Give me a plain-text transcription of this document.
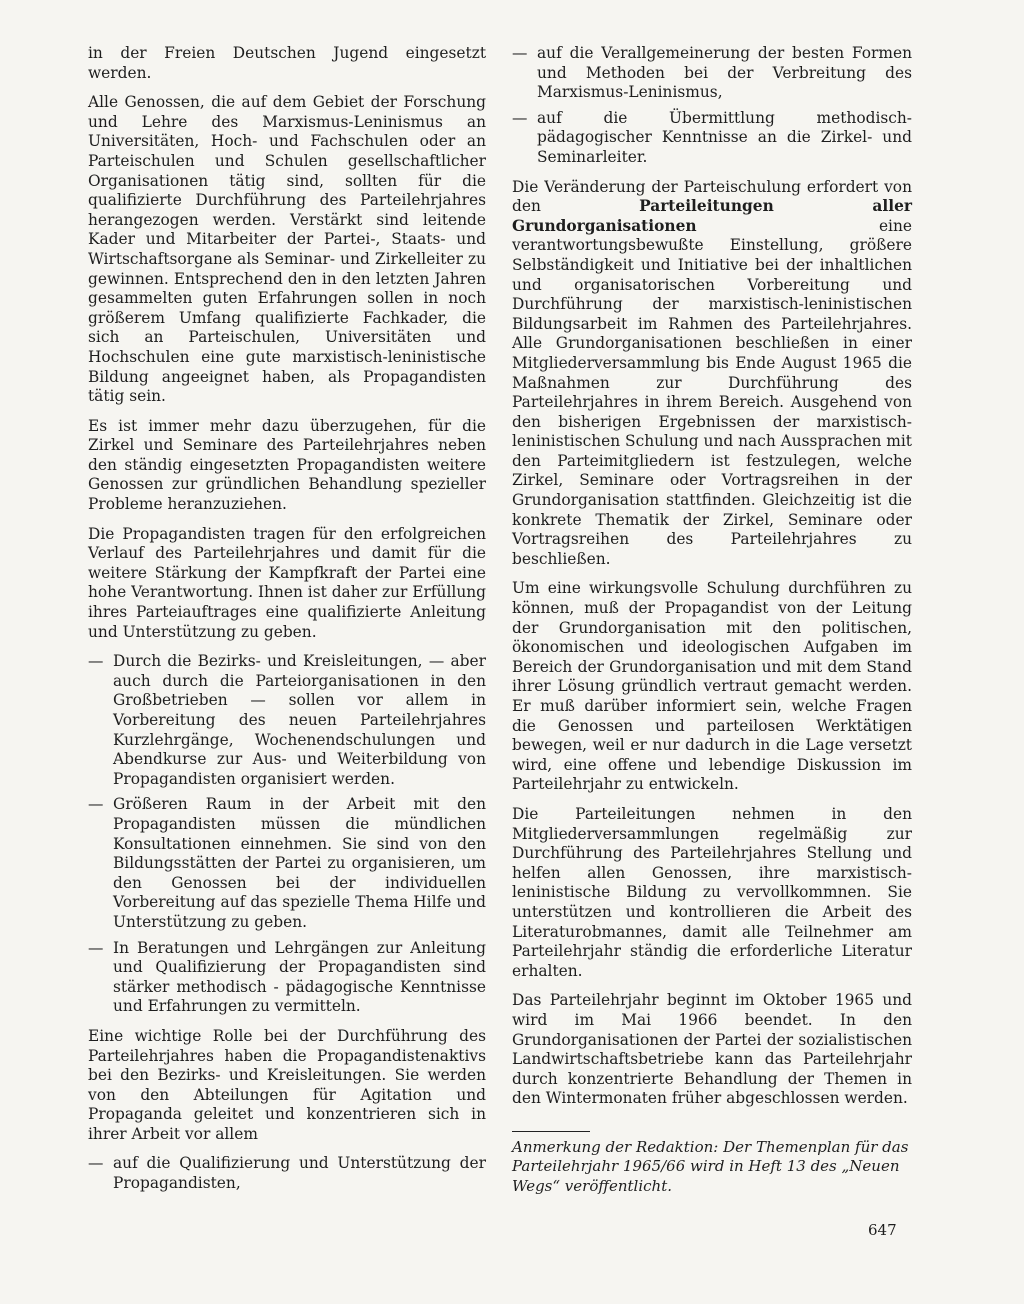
in der Freien Deutschen Jugend eingesetzt werden.

Alle Genossen, die auf dem Gebiet der Forschung und Lehre des Marxismus-Leninismus an Universitäten, Hoch- und Fachschulen oder an Parteischulen und Schulen gesellschaftlicher Organisationen tätig sind, sollten für die qualifizierte Durchführung des Parteilehrjahres herangezogen werden. Verstärkt sind leitende Kader und Mitarbeiter der Partei-, Staats- und Wirtschaftsorgane als Seminar- und Zirkelleiter zu gewinnen. Entsprechend den in den letzten Jahren gesammelten guten Erfahrungen sollen in noch größerem Umfang qualifizierte Fachkader, die sich an Parteischulen, Universitäten und Hochschulen eine gute marxistisch-leninistische Bildung angeeignet haben, als Propagandisten tätig sein.

Es ist immer mehr dazu überzugehen, für die Zirkel und Seminare des Parteilehrjahres neben den ständig eingesetzten Propagandisten weitere Genossen zur gründlichen Behandlung spezieller Probleme heranzuziehen.

Die Propagandisten tragen für den erfolgreichen Verlauf des Parteilehrjahres und damit für die weitere Stärkung der Kampfkraft der Partei eine hohe Verantwortung. Ihnen ist daher zur Erfüllung ihres Parteiauftrages eine qualifizierte Anleitung und Unterstützung zu geben.

— Durch die Bezirks- und Kreisleitungen, — aber auch durch die Parteiorganisationen in den Großbetrieben — sollen vor allem in Vorbereitung des neuen Parteilehrjahres Kurzlehrgänge, Wochenendschulungen und Abendkurse zur Aus- und Weiterbildung von Propagandisten organisiert werden.
— Größeren Raum in der Arbeit mit den Propagandisten müssen die mündlichen Konsultationen einnehmen. Sie sind von den Bildungsstätten der Partei zu organisieren, um den Genossen bei der individuellen Vorbereitung auf das spezielle Thema Hilfe und Unterstützung zu geben.
— In Beratungen und Lehrgängen zur Anleitung und Qualifizierung der Propagandisten sind stärker methodisch - pädagogische Kenntnisse und Erfahrungen zu vermitteln.

Eine wichtige Rolle bei der Durchführung des Parteilehrjahres haben die Propagandistenaktivs bei den Bezirks- und Kreisleitungen. Sie werden von den Abteilungen für Agitation und Propaganda geleitet und konzentrieren sich in ihrer Arbeit vor allem

— auf die Qualifizierung und Unterstützung der Propagandisten,
— auf die Verallgemeinerung der besten Formen und Methoden bei der Verbreitung des Marxismus-Leninismus,
— auf die Übermittlung methodisch-pädagogischer Kenntnisse an die Zirkel- und Seminarleiter.

Die Veränderung der Parteischulung erfordert von den Parteileitungen aller Grundorganisationen eine verantwortungsbewußte Einstellung, größere Selbständigkeit und Initiative bei der inhaltlichen und organisatorischen Vorbereitung und Durchführung der marxistisch-leninistischen Bildungsarbeit im Rahmen des Parteilehrjahres. Alle Grundorganisationen beschließen in einer Mitgliederversammlung bis Ende August 1965 die Maßnahmen zur Durchführung des Parteilehrjahres in ihrem Bereich. Ausgehend von den bisherigen Ergebnissen der marxistisch-leninistischen Schulung und nach Aussprachen mit den Parteimitgliedern ist festzulegen, welche Zirkel, Seminare oder Vortragsreihen in der Grundorganisation stattfinden. Gleichzeitig ist die konkrete Thematik der Zirkel, Seminare oder Vortragsreihen des Parteilehrjahres zu beschließen.

Um eine wirkungsvolle Schulung durchführen zu können, muß der Propagandist von der Leitung der Grundorganisation mit den politischen, ökonomischen und ideologischen Aufgaben im Bereich der Grundorganisation und mit dem Stand ihrer Lösung gründlich vertraut gemacht werden. Er muß darüber informiert sein, welche Fragen die Genossen und parteilosen Werktätigen bewegen, weil er nur dadurch in die Lage versetzt wird, eine offene und lebendige Diskussion im Parteilehrjahr zu entwickeln.

Die Parteileitungen nehmen in den Mitgliederversammlungen regelmäßig zur Durchführung des Parteilehrjahres Stellung und helfen allen Genossen, ihre marxistisch-leninistische Bildung zu vervollkommnen. Sie unterstützen und kontrollieren die Arbeit des Literaturobmannes, damit alle Teilnehmer am Parteilehrjahr ständig die erforderliche Literatur erhalten.

Das Parteilehrjahr beginnt im Oktober 1965 und wird im Mai 1966 beendet. In den Grundorganisationen der Partei der sozialistischen Landwirtschaftsbetriebe kann das Parteilehrjahr durch konzentrierte Behandlung der Themen in den Wintermonaten früher abgeschlossen werden.

Anmerkung der Redaktion: Der Themenplan für das Parteilehrjahr 1965/66 wird in Heft 13 des „Neuen Wegs“ veröffentlicht.

647
